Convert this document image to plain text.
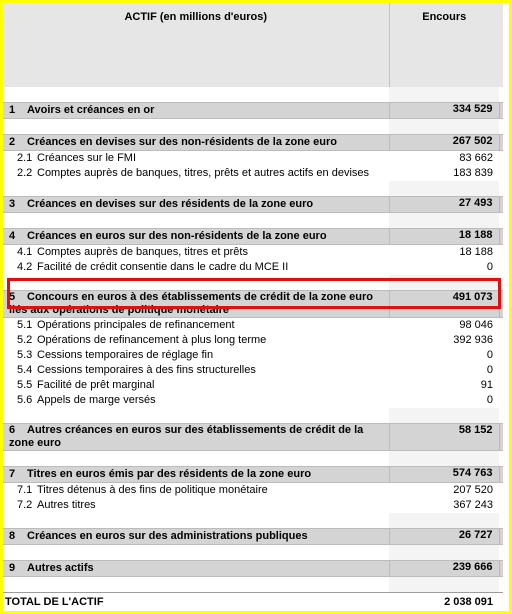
ACTIF (en millions d'euros)	Encours	

1 Avoirs et créances en or	334 529	

2 Créances en devises sur des non-résidents de la zone euro	267 502	
2.1 Créances sur le FMI	83 662	
2.2 Comptes auprès de banques, titres, prêts et autres actifs en devises	183 839	

3 Créances en devises sur des résidents de la zone euro	27 493	

4 Créances en euros sur des non-résidents de la zone euro	18 188	
4.1 Comptes auprès de banques, titres et prêts	18 188	
4.2 Facilité de crédit consentie dans le cadre du MCE II	0	

5 Concours en euros à des établissements de crédit de la zone euro liés aux opérations de politique monétaire	491 073	
5.1 Opérations principales de refinancement	98 046	
5.2 Opérations de refinancement à plus long terme	392 936	
5.3 Cessions temporaires de réglage fin	0	
5.4 Cessions temporaires à des fins structurelles	0	
5.5 Facilité de prêt marginal	91	
5.6 Appels de marge versés	0	

6 Autres créances en euros sur des établissements de crédit de la zone euro	58 152	

7 Titres en euros émis par des résidents de la zone euro	574 763	
7.1 Titres détenus à des fins de politique monétaire	207 520	
7.2 Autres titres	367 243	

8 Créances en euros sur des administrations publiques	26 727	

9 Autres actifs	239 666	

TOTAL DE L'ACTIF	2 038 091	
